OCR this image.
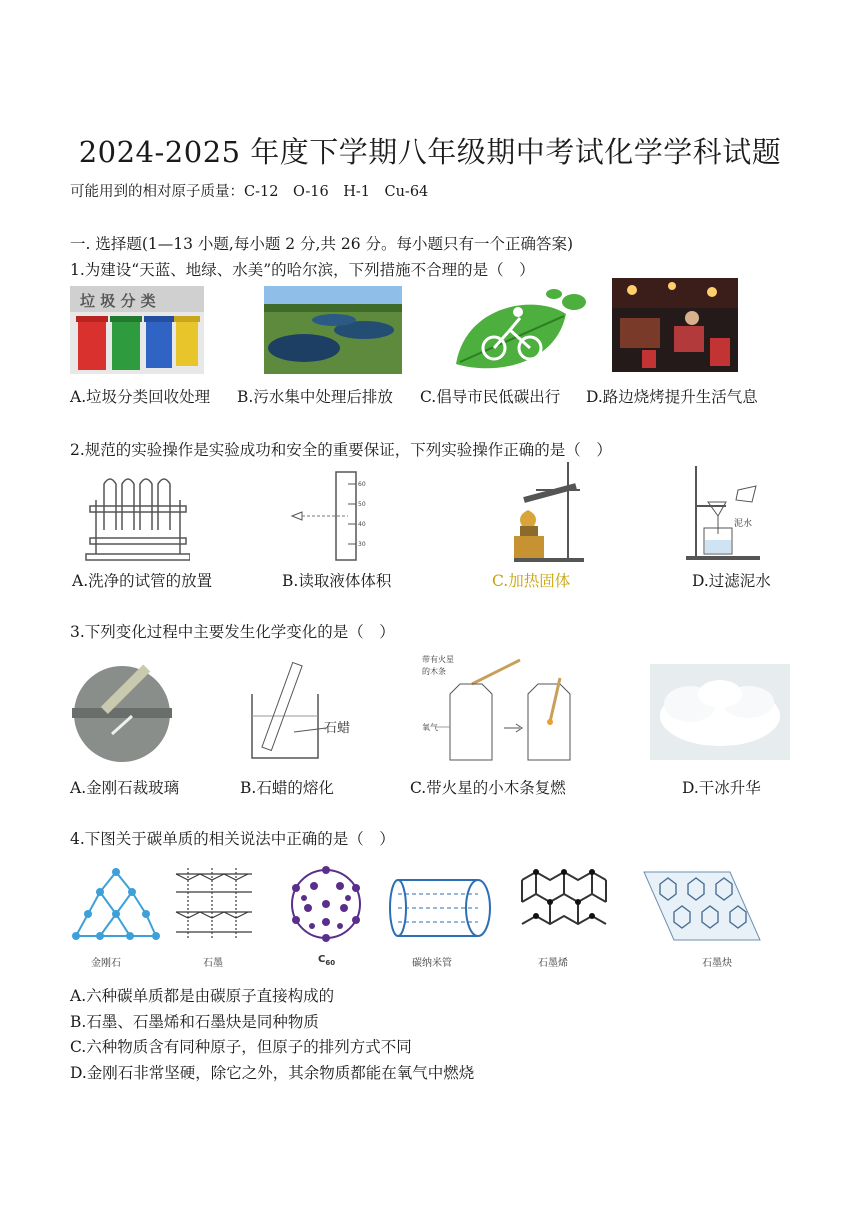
2024-2025 年度下学期八年级期中考试化学学科试题
可能用到的相对原子质量：C-12　O-16　H-1　Cu-64
一. 选择题(1—13 小题,每小题 2 分,共 26 分。每小题只有一个正确答案)
1.为建设“天蓝、地绿、水美”的哈尔滨，下列措施不合理的是（　）
垃 圾 分 类
A.垃圾分类回收处理 B.污水集中处理后排放 C.倡导市民低碳出行 D.路边烧烤提升生活气息
2.规范的实验操作是实验成功和安全的重要保证，下列实验操作正确的是（　）
60
50
40
30
泥水
A.洗净的试管的放置	B.读取液体体积	C.加热固体	D.过滤泥水
3.下列变化过程中主要发生化学变化的是（　）
石蜡
带有火星
的木条
氧气
A.金刚石裁玻璃	B.石蜡的熔化	C.带火星的小木条复燃	D.干冰升华
4.下图关于碳单质的相关说法中正确的是（　）
金刚石	石墨	$C_{60}$	碳纳米管	石墨烯	石墨炔
A.六种碳单质都是由碳原子直接构成的
B.石墨、石墨烯和石墨炔是同种物质
C.六种物质含有同种原子，但原子的排列方式不同
D.金刚石非常坚硬，除它之外，其余物质都能在氧气中燃烧
